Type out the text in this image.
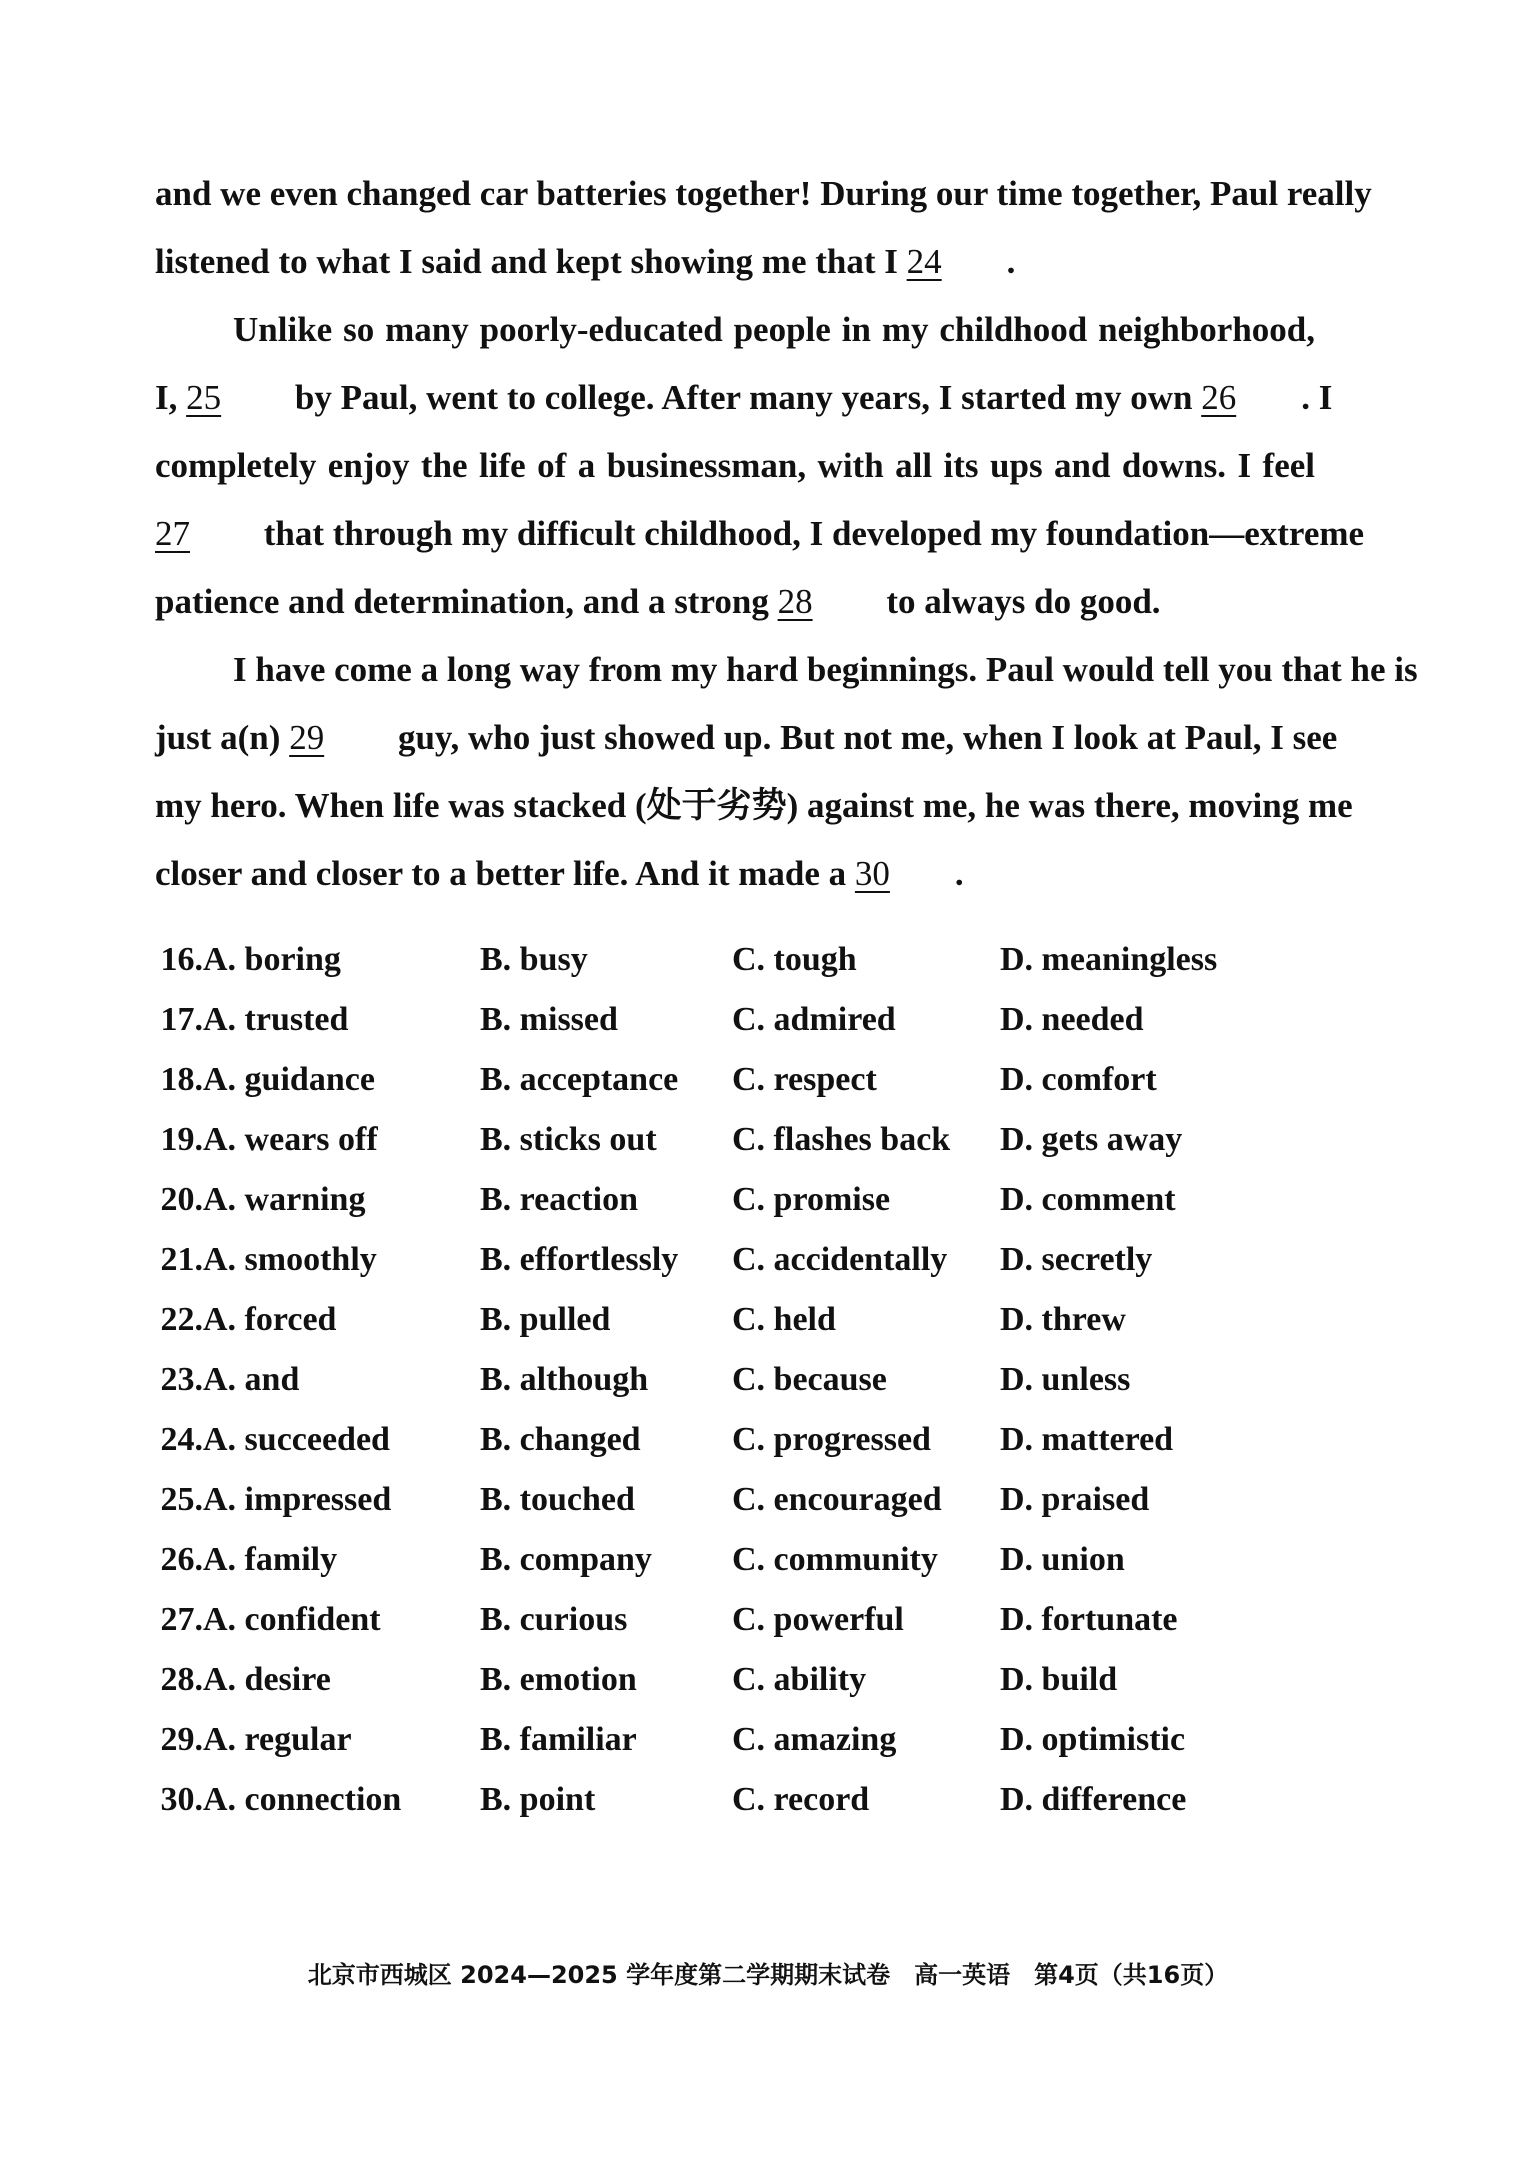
and we even changed car batteries together! During our time together, Paul really
listened to what I said and kept showing me that I 24 .
Unlike so many poorly-educated people in my childhood neighborhood,
I, 25 by Paul, went to college. After many years, I started my own 26 . I
completely enjoy the life of a businessman, with all its ups and downs. I feel
27 that through my difficult childhood, I developed my foundation—extreme
patience and determination, and a strong 28 to always do good.
I have come a long way from my hard beginnings. Paul would tell you that he is
just a(n) 29 guy, who just showed up. But not me, when I look at Paul, I see
my hero. When life was stacked (处于劣势) against me, he was there, moving me
closer and closer to a better life. And it made a 30 .
16. A. boring	B. busy	C. tough	D. meaningless
17. A. trusted	B. missed	C. admired	D. needed
18. A. guidance	B. acceptance	C. respect	D. comfort
19. A. wears off	B. sticks out	C. flashes back	D. gets away
20. A. warning	B. reaction	C. promise	D. comment
21. A. smoothly	B. effortlessly	C. accidentally	D. secretly
22. A. forced	B. pulled	C. held	D. threw
23. A. and	B. although	C. because	D. unless
24. A. succeeded	B. changed	C. progressed	D. mattered
25. A. impressed	B. touched	C. encouraged	D. praised
26. A. family	B. company	C. community	D. union
27. A. confident	B. curious	C. powerful	D. fortunate
28. A. desire	B. emotion	C. ability	D. build
29. A. regular	B. familiar	C. amazing	D. optimistic
30. A. connection	B. point	C. record	D. difference
北京市西城区 2024—2025 学年度第二学期期末试卷　高一英语　第4页（共16页）
